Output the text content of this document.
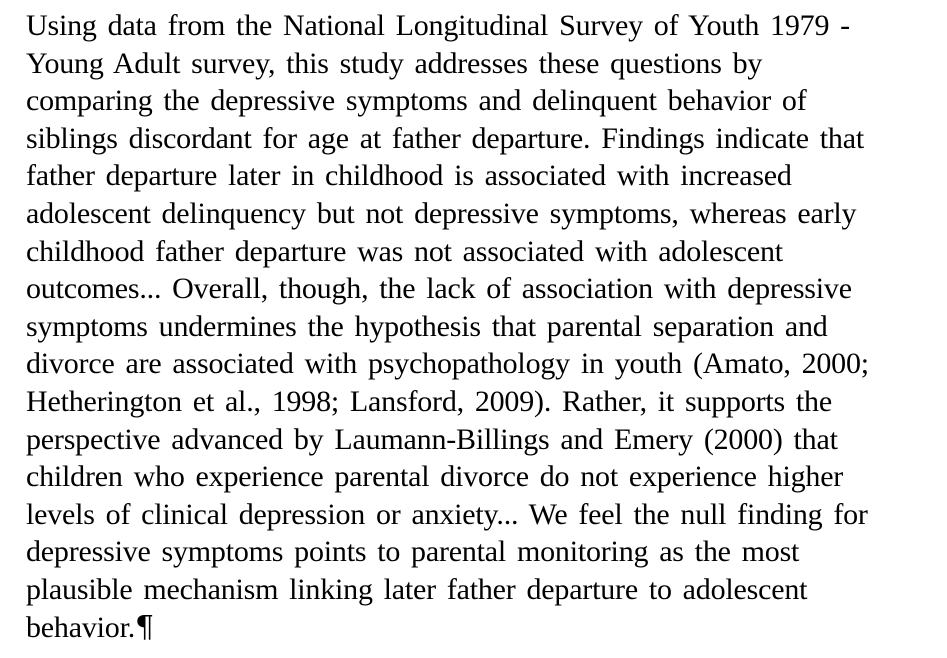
Using data from the National Longitudinal Survey of Youth 1979 -
Young Adult survey, this study addresses these questions by
comparing the depressive symptoms and delinquent behavior of
siblings discordant for age at father departure. Findings indicate that
father departure later in childhood is associated with increased
adolescent delinquency but not depressive symptoms, whereas early
childhood father departure was not associated with adolescent
outcomes... Overall, though, the lack of association with depressive
symptoms undermines the hypothesis that parental separation and
divorce are associated with psychopathology in youth (Amato, 2000;
Hetherington et al., 1998; Lansford, 2009). Rather, it supports the
perspective advanced by Laumann-Billings and Emery (2000) that
children who experience parental divorce do not experience higher
levels of clinical depression or anxiety... We feel the null finding for
depressive symptoms points to parental monitoring as the most
plausible mechanism linking later father departure to adolescent
behavior.¶
